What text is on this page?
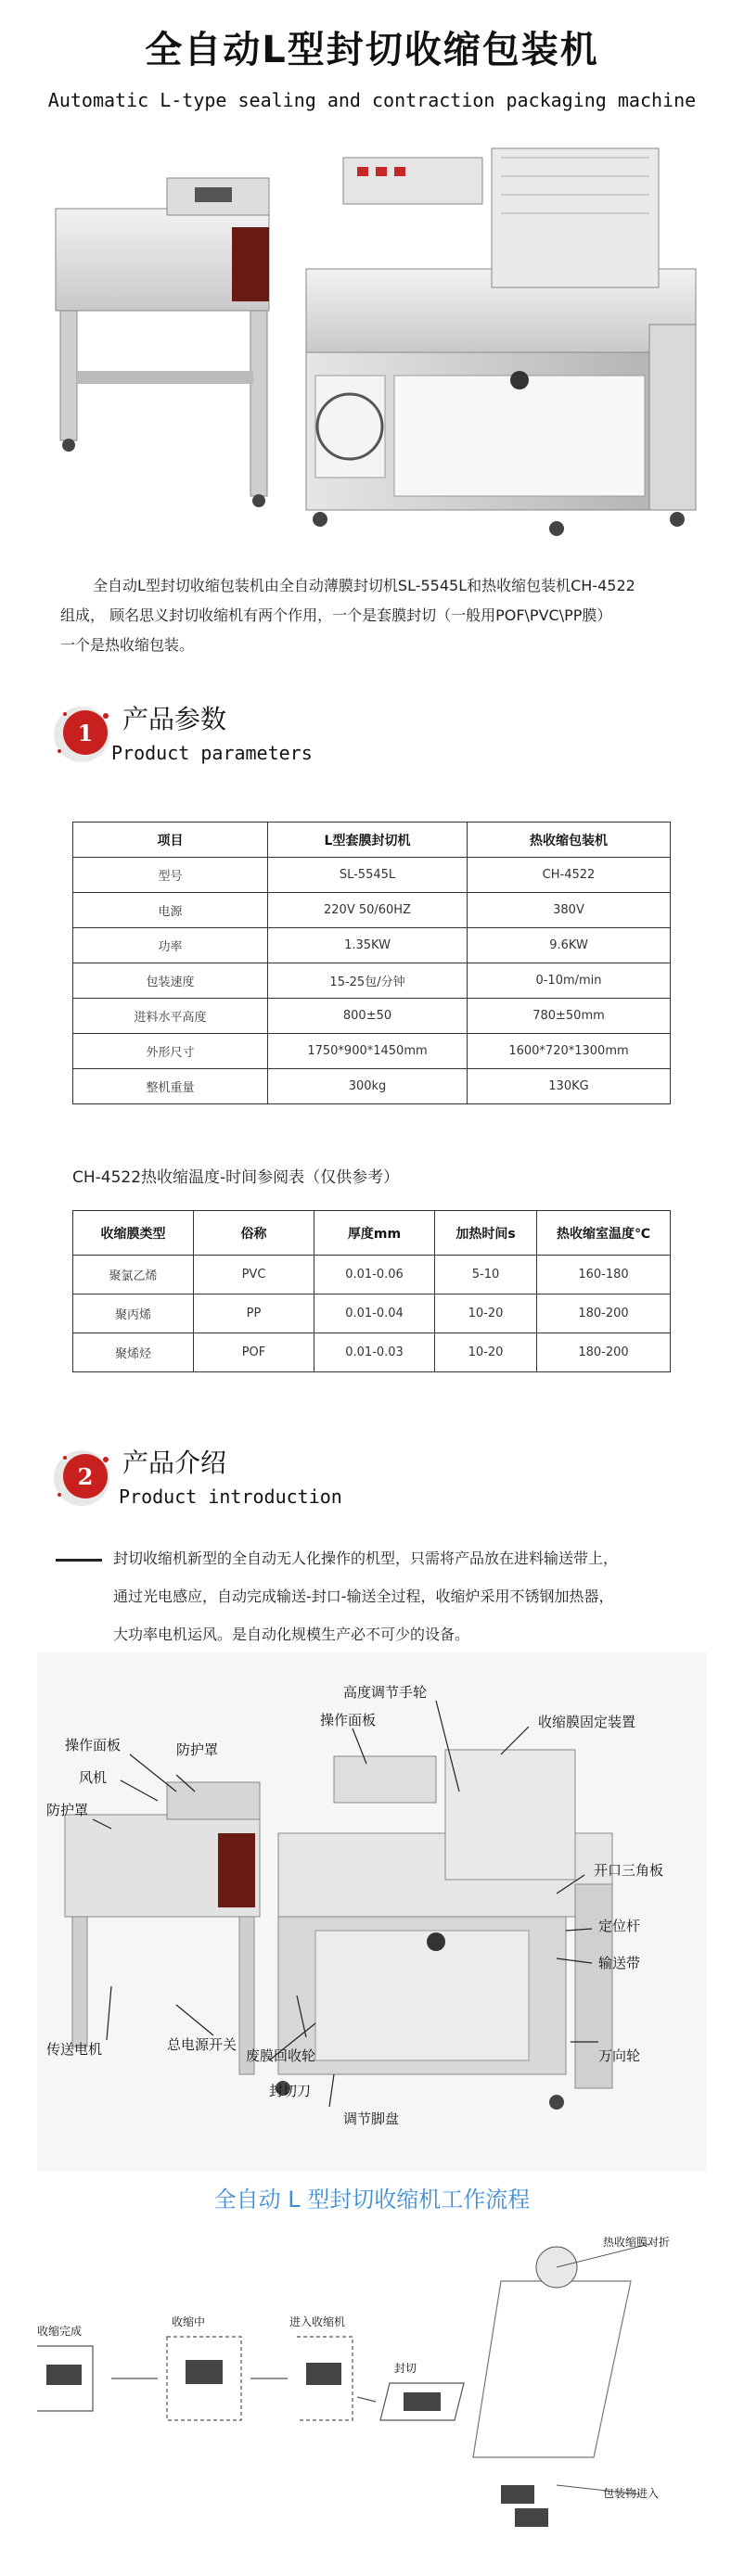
全自动L型封切收缩包装机
Automatic L-type sealing and contraction packaging machine
全自动L型封切收缩包装机由全自动薄膜封切机SL-5545L和热收缩包装机CH-4522
组成， 顾名思义封切收缩机有两个作用，一个是套膜封切（一般用POF\PVC\PP膜）
一个是热收缩包装。
1 产品参数
Product parameters
项目	L型套膜封切机	热收缩包装机
型号	SL-5545L	CH-4522
电源	220V 50/60HZ	380V
功率	1.35KW	9.6KW
包装速度	15-25包/分钟	0-10m/min
进料水平高度	800±50	780±50mm
外形尺寸	1750*900*1450mm	1600*720*1300mm
整机重量	300kg	130KG
CH-4522热收缩温度-时间参阅表（仅供参考）
收缩膜类型	俗称	厚度mm	加热时间s	热收缩室温度℃
聚氯乙烯	PVC	0.01-0.06	5-10	160-180
聚丙烯	PP	0.01-0.04	10-20	180-200
聚烯烃	POF	0.01-0.03	10-20	180-200
2 产品介绍
Product introduction
封切收缩机新型的全自动无人化操作的机型，只需将产品放在进料输送带上，
通过光电感应，自动完成输送-封口-输送全过程，收缩炉采用不锈钢加热器，
大功率电机运风。是自动化规模生产必不可少的设备。
高度调节手轮
操作面板	收缩膜固定装置
操作面板	防护罩
风机
防护罩
开口三角板
定位杆
输送带
传送电机	总电源开关
废膜回收轮	万向轮
封切刀
调节脚盘
全自动 L 型封切收缩机工作流程
收缩完成
收缩中	进入收缩机
封切
热收缩膜对折
包装物进入
